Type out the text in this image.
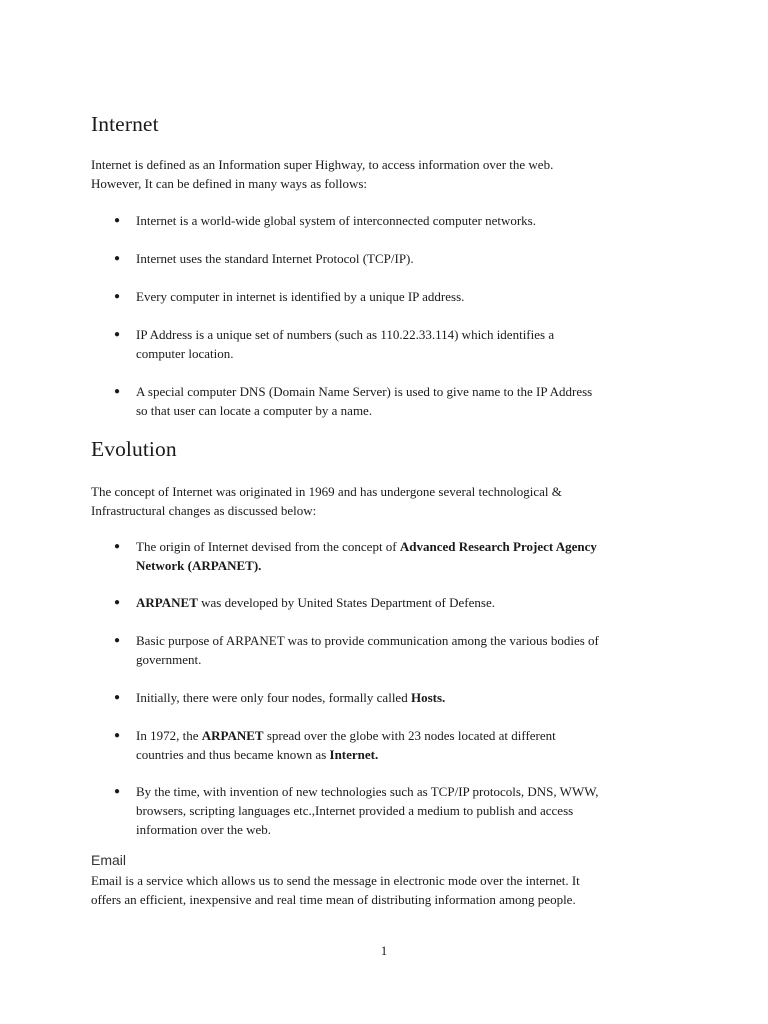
Internet
Internet is defined as an Information super Highway, to access information over the web.
However, It can be defined in many ways as follows:
● Internet is a world-wide global system of interconnected computer networks.
● Internet uses the standard Internet Protocol (TCP/IP).
● Every computer in internet is identified by a unique IP address.
● IP Address is a unique set of numbers (such as 110.22.33.114) which identifies a
computer location.
● A special computer DNS (Domain Name Server) is used to give name to the IP Address
so that user can locate a computer by a name.
Evolution
The concept of Internet was originated in 1969 and has undergone several technological &
Infrastructural changes as discussed below:
● The origin of Internet devised from the concept of Advanced Research Project Agency
Network (ARPANET).
● ARPANET was developed by United States Department of Defense.
● Basic purpose of ARPANET was to provide communication among the various bodies of
government.
● Initially, there were only four nodes, formally called Hosts.
● In 1972, the ARPANET spread over the globe with 23 nodes located at different
countries and thus became known as Internet.
● By the time, with invention of new technologies such as TCP/IP protocols, DNS, WWW,
browsers, scripting languages etc.,Internet provided a medium to publish and access
information over the web.
Email
Email is a service which allows us to send the message in electronic mode over the internet. It
offers an efficient, inexpensive and real time mean of distributing information among people.
1
